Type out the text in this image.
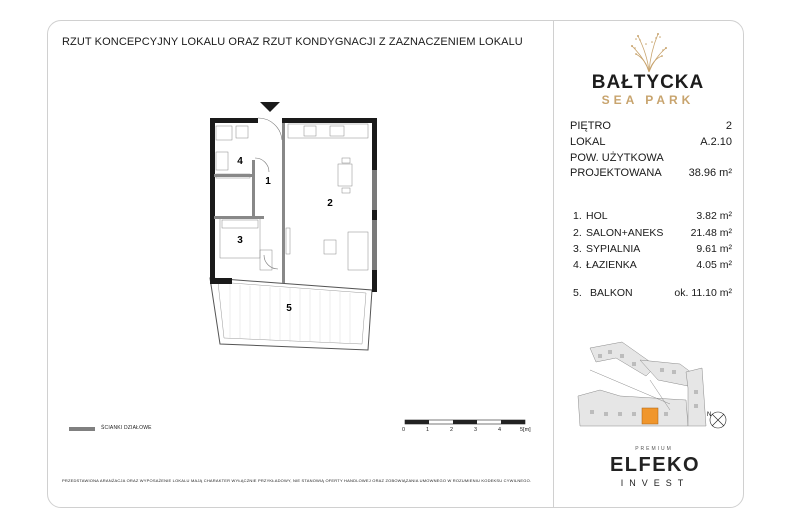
RZUT KONCEPCYJNY LOKALU ORAZ RZUT KONDYGNACJI Z ZAZNACZENIEM LOKALU
BAŁTYCKA
SEA PARK
PIĘTRO	2
LOKAL	A.2.10
POW. UŻYTKOWA
PROJEKTOWANA 38.96 m²
1. HOL	3.82 m²
2. SALON+ANEKS	21.48 m²
3. SYPIALNIA	9.61 m²
4. ŁAZIENKA	4.05 m²
5. BALKON	ok. 11.10 m²
1
2
3
4
5
ŚCIANKI DZIAŁOWE	0	1	2	3	4	5[m]
N
PREMIUM
ELFEKO
INVEST
PRZEDSTAWIONA ARANŻACJA ORAZ WYPOSAŻENIE LOKALU MAJĄ CHARAKTER WYŁĄCZNIE PRZYKŁADOWY, NIE STANOWIĄ OFERTY HANDLOWEJ ORAZ ZOBOWIĄZANIA UMOWNEGO W ROZUMIENIU KODEKSU CYWILNEGO.
